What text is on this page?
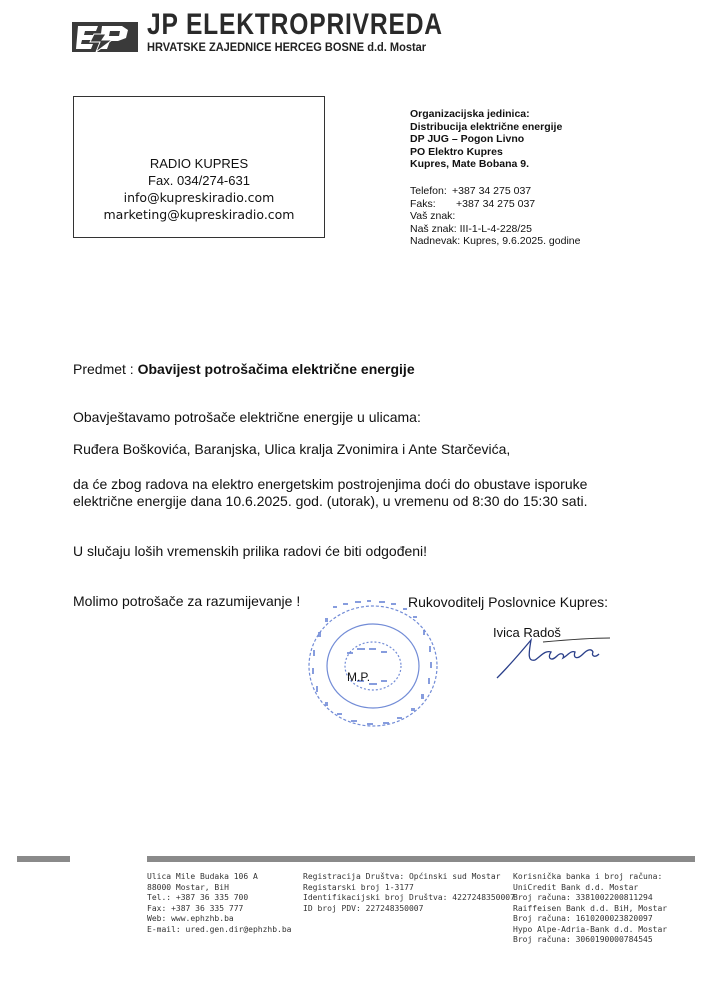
JP ELEKTROPRIVREDA
HRVATSKE ZAJEDNICE HERCEG BOSNE d.d. Mostar
RADIO KUPRES
Fax. 034/274-631
info@kupreskiradio.com
marketing@kupreskiradio.com
Organizacijska jedinica:
Distribucija električne energije
DP JUG – Pogon Livno
PO Elektro Kupres
Kupres, Mate Bobana 9.
Telefon: +387 34 275 037
Faks:	+387 34 275 037
Vaš znak:
Naš znak: III-1-L-4-228/25
Nadnevak: Kupres, 9.6.2025. godine
Predmet : Obavijest potrošačima električne energije
Obavještavamo potrošače električne energije u ulicama:
Ruđera Boškovića, Baranjska, Ulica kralja Zvonimira i Ante Starčevića,
da će zbog radova na elektro energetskim postrojenjima doći do obustave isporuke
električne energije dana 10.6.2025. god. (utorak), u vremenu od 8:30 do 15:30 sati.
U slučaju loših vremenskih prilika radovi će biti odgođeni!
Molimo potrošače za razumijevanje !	Rukovoditelj Poslovnice Kupres:
Ivica Radoš
M.P.
Ulica Mile Budaka 106 A
88000 Mostar, BiH
Tel.: +387 36 335 700
Fax: +387 36 335 777
Web: www.ephzhb.ba
E-mail: ured.gen.dir@ephzhb.ba
Registracija Društva: Općinski sud Mostar
Registarski broj 1-3177
Identifikacijski broj Društva: 4227248350007
ID broj PDV: 227248350007
Korisnička banka i broj računa:
UniCredit Bank d.d. Mostar
Broj računa: 3381002200811294
Raiffeisen Bank d.d. BiH, Mostar
Broj računa: 1610200023820097
Hypo Alpe-Adria-Bank d.d. Mostar
Broj računa: 3060190000784545
